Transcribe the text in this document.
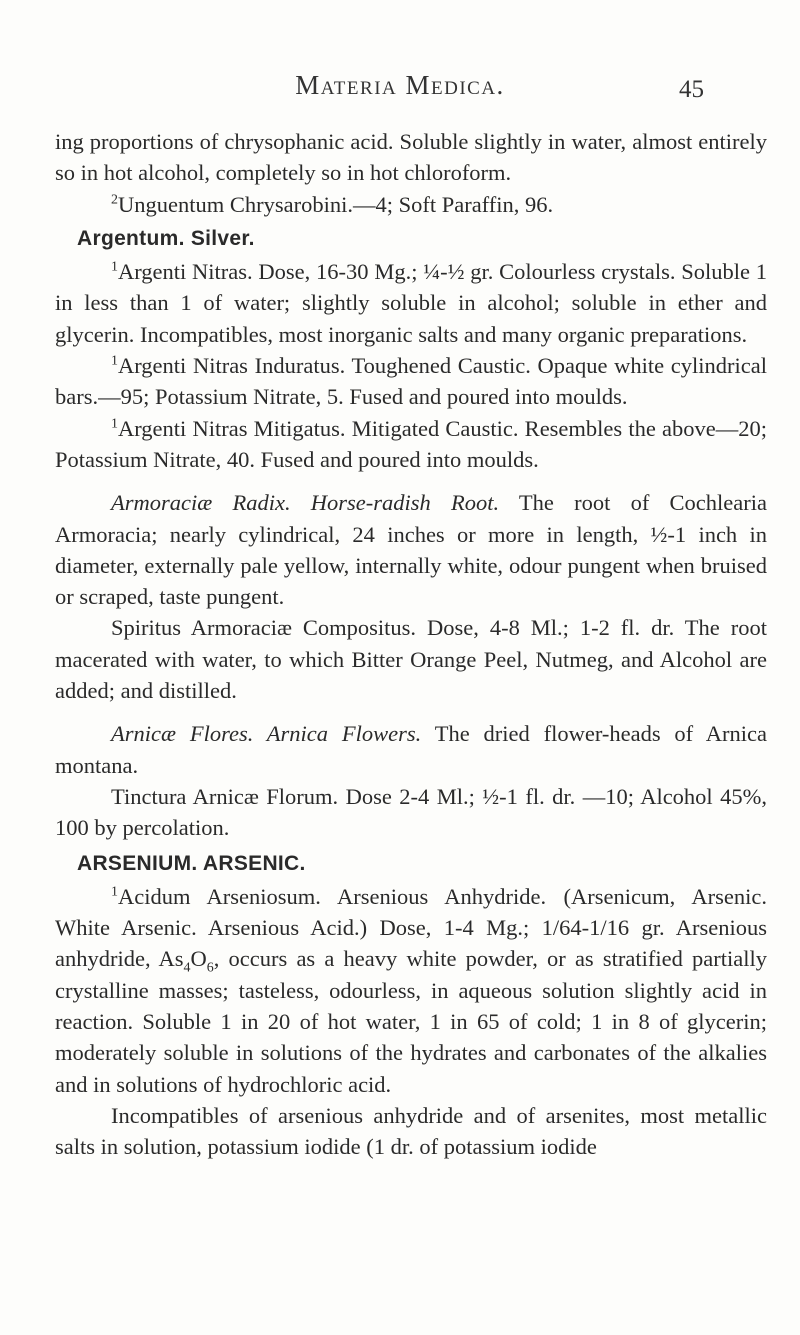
Materia Medica.	45

ing proportions of chrysophanic acid. Soluble slightly in water, almost entirely so in hot alcohol, completely so in hot chloroform.

$^2$Unguentum Chrysarobini.—4; Soft Paraffin, 96.

Argentum. Silver.

$^1$Argenti Nitras. Dose, 16-30 Mg.; ¼-½ gr. Colourless crystals. Soluble 1 in less than 1 of water; slightly soluble in alcohol; soluble in ether and glycerin. Incompatibles, most inorganic salts and many organic preparations.

$^1$Argenti Nitras Induratus. Toughened Caustic. Opaque white cylindrical bars.—95; Potassium Nitrate, 5. Fused and poured into moulds.

$^1$Argenti Nitras Mitigatus. Mitigated Caustic. Resembles the above—20; Potassium Nitrate, 40. Fused and poured into moulds.

Armoraciæ Radix. Horse-radish Root. The root of Cochlearia Armoracia; nearly cylindrical, 24 inches or more in length, ½-1 inch in diameter, externally pale yellow, internally white, odour pungent when bruised or scraped, taste pungent.

Spiritus Armoraciæ Compositus. Dose, 4-8 Ml.; 1-2 fl. dr. The root macerated with water, to which Bitter Orange Peel, Nutmeg, and Alcohol are added; and distilled.

Arnicæ Flores. Arnica Flowers. The dried flower-heads of Arnica montana.

Tinctura Arnicæ Florum. Dose 2-4 Ml.; ½-1 fl. dr. —10; Alcohol 45%, 100 by percolation.

ARSENIUM. ARSENIC.

$^1$Acidum Arseniosum. Arsenious Anhydride. (Arsenicum, Arsenic. White Arsenic. Arsenious Acid.) Dose, 1-4 Mg.; 1/64-1/16 gr. Arsenious anhydride, $As_4O_6$, occurs as a heavy white powder, or as stratified partially crystalline masses; tasteless, odourless, in aqueous solution slightly acid in reaction. Soluble 1 in 20 of hot water, 1 in 65 of cold; 1 in 8 of glycerin; moderately soluble in solutions of the hydrates and carbonates of the alkalies and in solutions of hydrochloric acid.

Incompatibles of arsenious anhydride and of arsenites, most metallic salts in solution, potassium iodide (1 dr. of potassium iodide
